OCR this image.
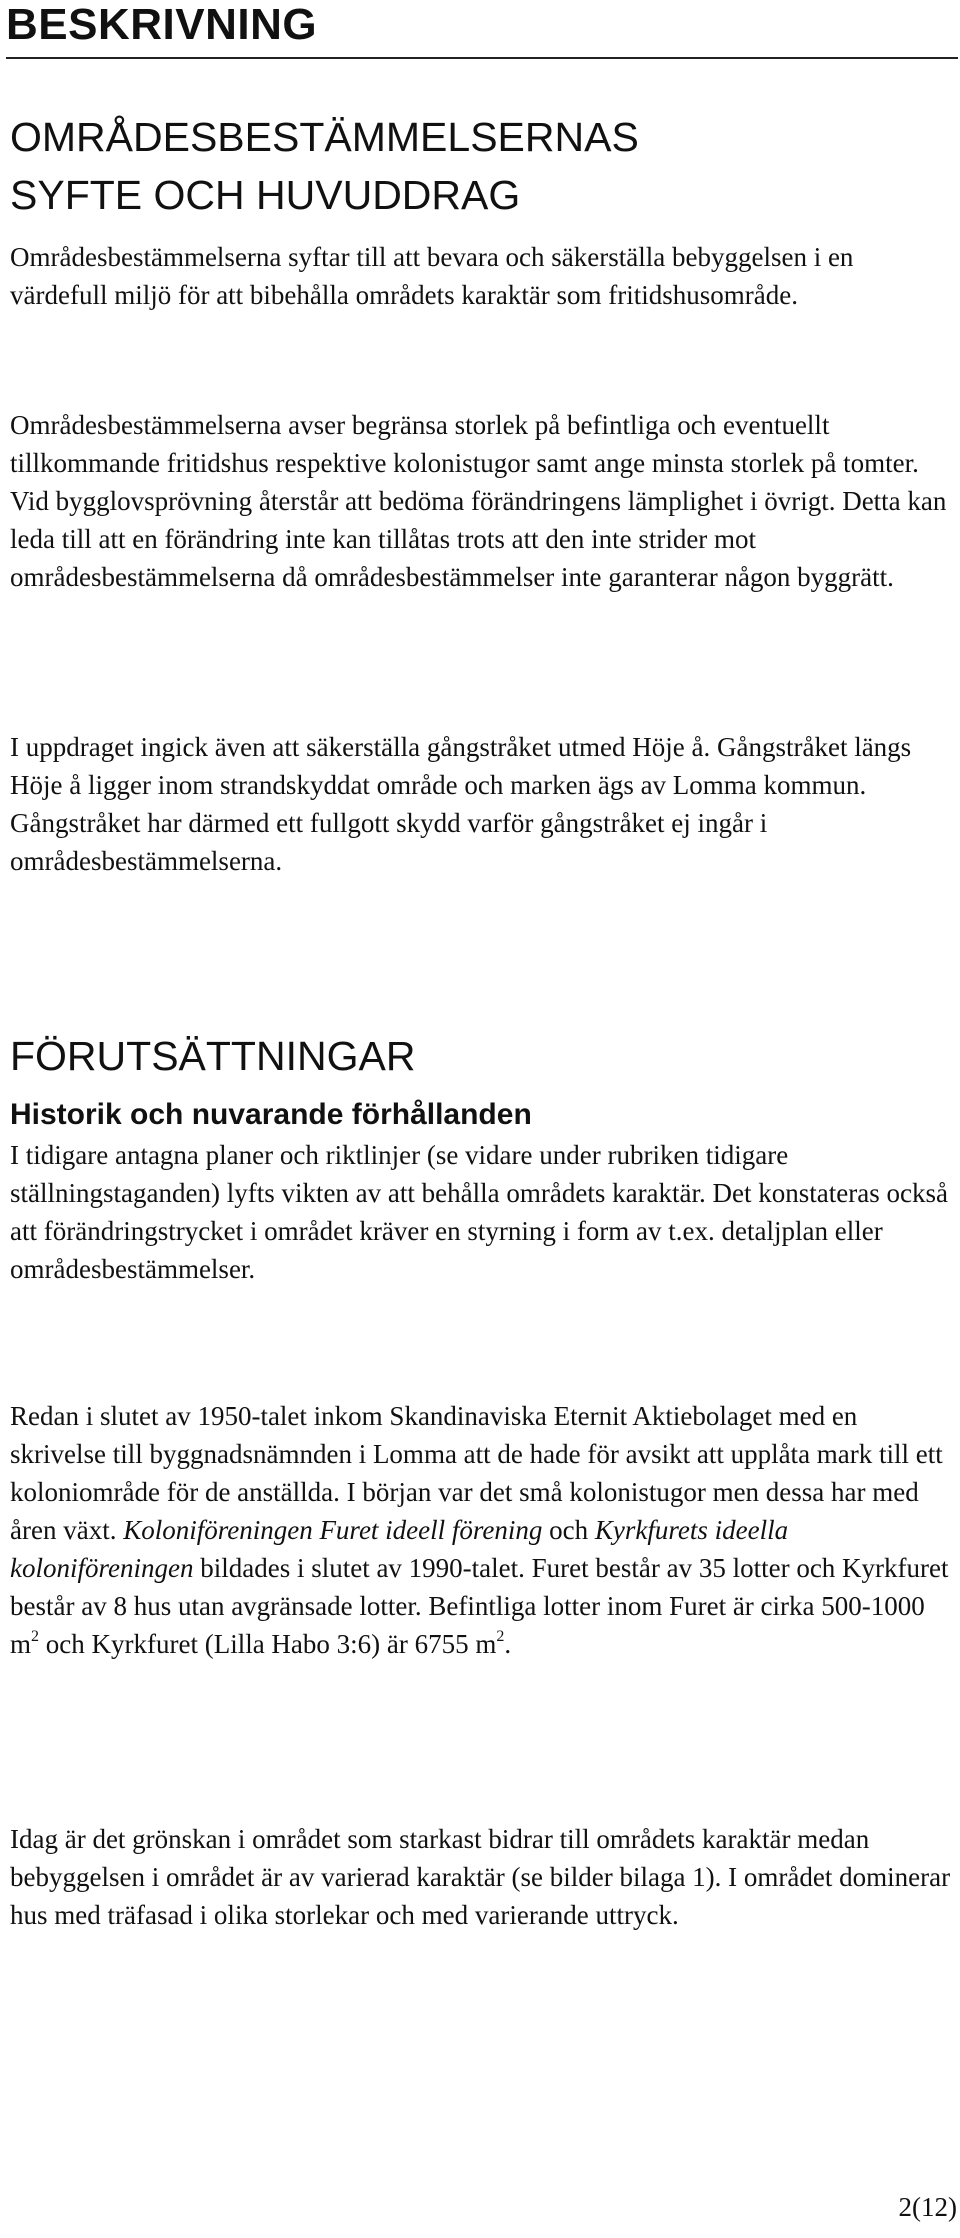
BESKRIVNING
OMRÅDESBESTÄMMELSERNAS SYFTE OCH HUVUDDRAG

Områdesbestämmelserna syftar till att bevara och säkerställa bebyggelsen i en värdefull miljö för att bibehålla områdets karaktär som fritidshusområde.

Områdesbestämmelserna avser begränsa storlek på befintliga och eventuellt tillkommande fritidshus respektive kolonistugor samt ange minsta storlek på tomter. Vid bygglovsprövning återstår att bedöma förändringens lämplighet i övrigt. Detta kan leda till att en förändring inte kan tillåtas trots att den inte strider mot områdesbestämmelserna då områdesbestämmelser inte garanterar någon byggrätt.

I uppdraget ingick även att säkerställa gångstråket utmed Höje å. Gångstråket längs Höje å ligger inom strandskyddat område och marken ägs av Lomma kommun. Gångstråket har därmed ett fullgott skydd varför gångstråket ej ingår i områdesbestämmelserna.

FÖRUTSÄTTNINGAR
Historik och nuvarande förhållanden

I tidigare antagna planer och riktlinjer (se vidare under rubriken tidigare ställningstaganden) lyfts vikten av att behålla områdets karaktär. Det konstateras också att förändringstrycket i området kräver en styrning i form av t.ex. detaljplan eller områdesbestämmelser.

Redan i slutet av 1950-talet inkom Skandinaviska Eternit Aktiebolaget med en skrivelse till byggnadsnämnden i Lomma att de hade för avsikt att upplåta mark till ett koloniområde för de anställda. I början var det små kolonistugor men dessa har med åren växt. Koloniföreningen Furet ideell förening och Kyrkfurets ideella koloniföreningen bildades i slutet av 1990-talet. Furet består av 35 lotter och Kyrkfuret består av 8 hus utan avgränsade lotter. Befintliga lotter inom Furet är cirka 500-1000 $m^2$ och Kyrkfuret (Lilla Habo 3:6) är 6755 $m^2$.

Idag är det grönskan i området som starkast bidrar till områdets karaktär medan bebyggelsen i området är av varierad karaktär (se bilder bilaga 1). I området dominerar hus med träfasad i olika storlekar och med varierande uttryck.

2(12)
